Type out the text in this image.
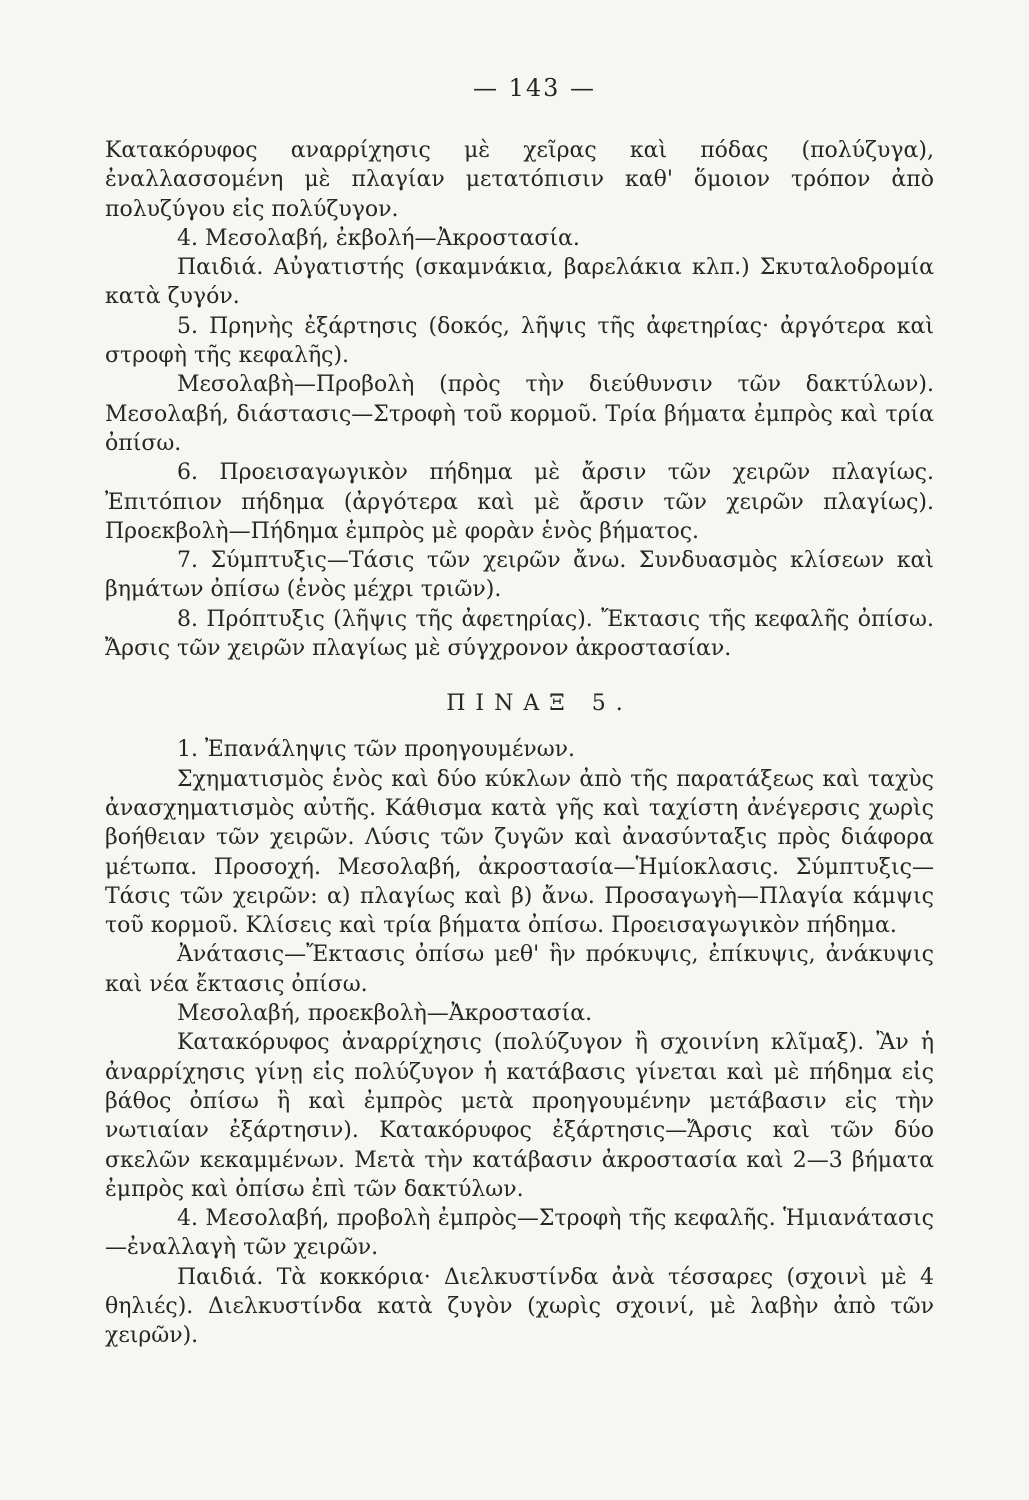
— 143 —

Κατακόρυφος αναρρίχησις μὲ χεῖρας καὶ πόδας (πολύζυγα), ἐναλλασσομένη μὲ πλαγίαν μετατόπισιν καθ' ὅμοιον τρόπον ἀπὸ πολυζύγου εἰς πολύζυγον.

4. Μεσολαβή, ἐκβολή—Ἀκροστασία.

Παιδιά. Αὐγατιστής (σκαμνάκια, βαρελάκια κλπ.) Σκυταλοδρομία κατὰ ζυγόν.

5. Πρηνὴς ἐξάρτησις (δοκός, λῆψις τῆς ἀφετηρίας· ἀργότερα καὶ στροφὴ τῆς κεφαλῆς).

Μεσολαβὴ—Προβολὴ (πρὸς τὴν διεύθυνσιν τῶν δακτύλων). Μεσολαβή, διάστασις—Στροφὴ τοῦ κορμοῦ. Τρία βήματα ἐμπρὸς καὶ τρία ὀπίσω.

6. Προεισαγωγικὸν πήδημα μὲ ἄρσιν τῶν χειρῶν πλαγίως. Ἐπιτόπιον πήδημα (ἀργότερα καὶ μὲ ἄρσιν τῶν χειρῶν πλαγίως). Προεκβολὴ—Πήδημα ἐμπρὸς μὲ φορὰν ἑνὸς βήματος.

7. Σύμπτυξις—Τάσις τῶν χειρῶν ἄνω. Συνδυασμὸς κλίσεων καὶ βημάτων ὀπίσω (ἑνὸς μέχρι τριῶν).

8. Πρόπτυξις (λῆψις τῆς ἀφετηρίας). Ἔκτασις τῆς κεφαλῆς ὀπίσω. Ἄρσις τῶν χειρῶν πλαγίως μὲ σύγχρονον ἀκροστασίαν.

ΠΙΝΑΞ 5.

1. Ἐπανάληψις τῶν προηγουμένων.

Σχηματισμὸς ἑνὸς καὶ δύο κύκλων ἀπὸ τῆς παρατάξεως καὶ ταχὺς ἀνασχηματισμὸς αὐτῆς. Κάθισμα κατὰ γῆς καὶ ταχίστη ἀνέγερσις χωρὶς βοήθειαν τῶν χειρῶν. Λύσις τῶν ζυγῶν καὶ ἀνασύνταξις πρὸς διάφορα μέτωπα. Προσοχή. Μεσολαβή, ἀκροστασία—Ἡμίοκλασις. Σύμπτυξις—Τάσις τῶν χειρῶν: α) πλαγίως καὶ β) ἄνω. Προσαγωγὴ—Πλαγία κάμψις τοῦ κορμοῦ. Κλίσεις καὶ τρία βήματα ὀπίσω. Προεισαγωγικὸν πήδημα.

Ἀνάτασις—Ἔκτασις ὀπίσω μεθ' ἣν πρόκυψις, ἐπίκυψις, ἀνάκυψις καὶ νέα ἔκτασις ὀπίσω.

Μεσολαβή, προεκβολὴ—Ἀκροστασία.

Κατακόρυφος ἀναρρίχησις (πολύζυγον ἢ σχοινίνη κλῖμαξ). Ἂν ἡ ἀναρρίχησις γίνῃ εἰς πολύζυγον ἡ κατάβασις γίνεται καὶ μὲ πήδημα εἰς βάθος ὀπίσω ἢ καὶ ἐμπρὸς μετὰ προηγουμένην μετάβασιν εἰς τὴν νωτιαίαν ἐξάρτησιν). Κατακόρυφος ἐξάρτησις—Ἄρσις καὶ τῶν δύο σκελῶν κεκαμμένων. Μετὰ τὴν κατάβασιν ἀκροστασία καὶ 2—3 βήματα ἐμπρὸς καὶ ὀπίσω ἐπὶ τῶν δακτύλων.

4. Μεσολαβή, προβολὴ ἐμπρὸς—Στροφὴ τῆς κεφαλῆς. Ἡμιανάτασις—ἐναλλαγὴ τῶν χειρῶν.

Παιδιά. Τὰ κοκκόρια· Διελκυστίνδα ἀνὰ τέσσαρες (σχοινὶ μὲ 4 θηλιές). Διελκυστίνδα κατὰ ζυγὸν (χωρὶς σχοινί, μὲ λαβὴν ἀπὸ τῶν χειρῶν).
